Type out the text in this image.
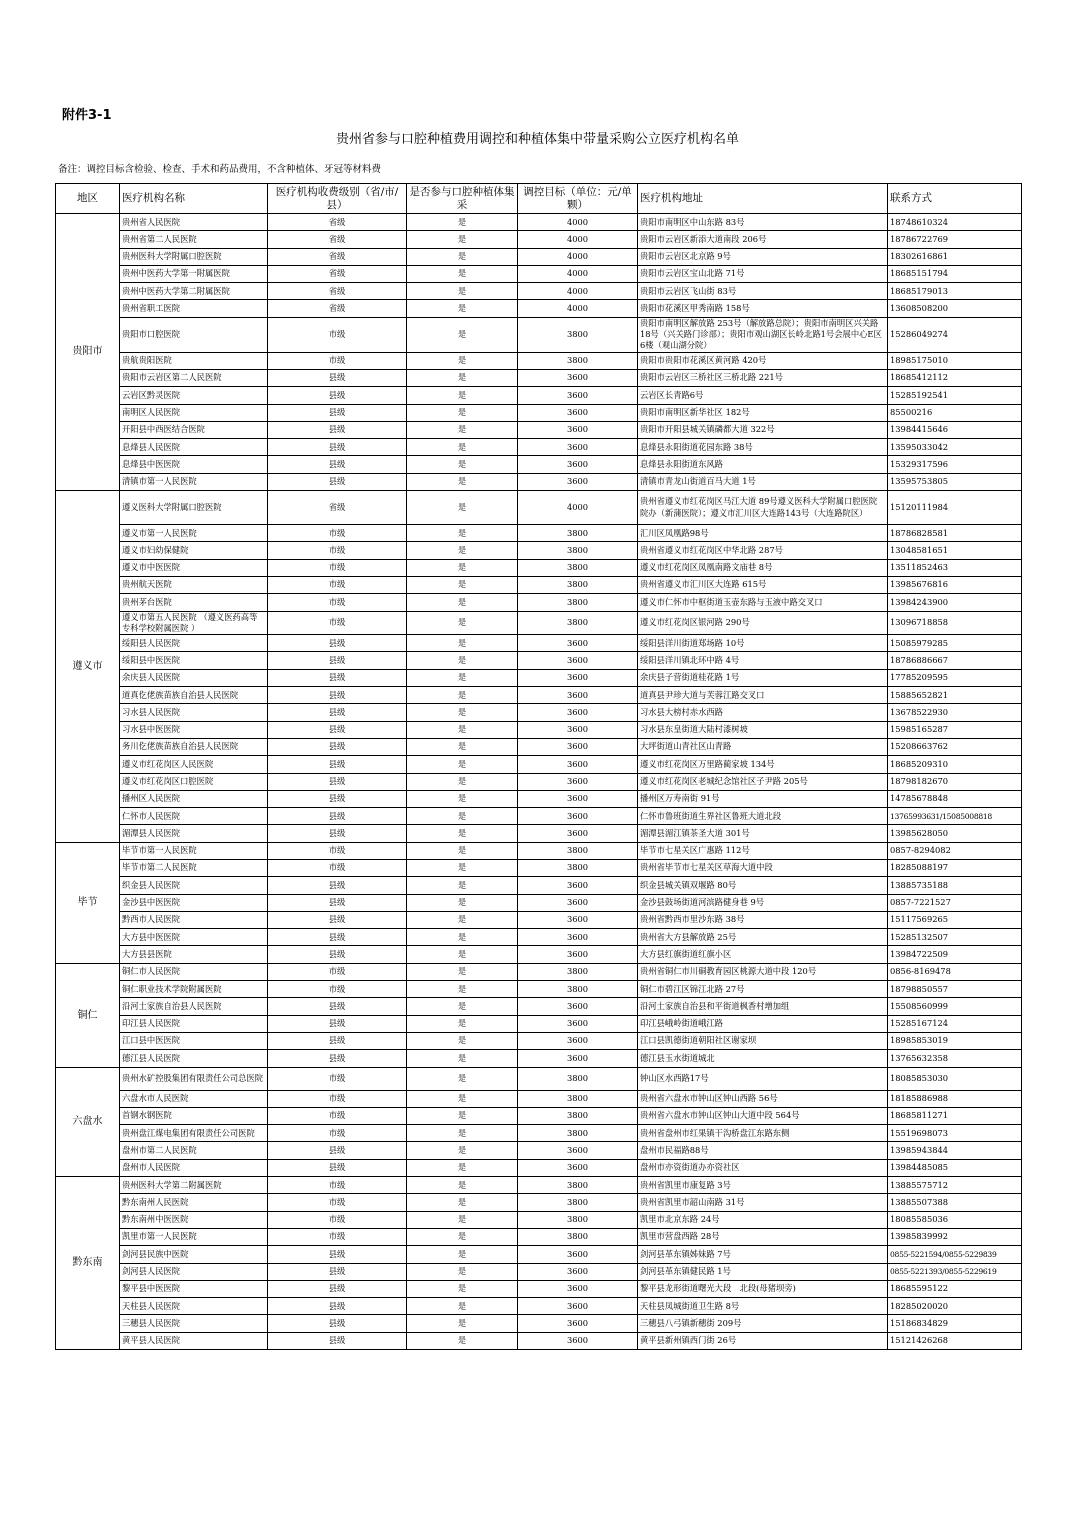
附件3-1
贵州省参与口腔种植费用调控和种植体集中带量采购公立医疗机构名单
备注：调控目标含检验、检查、手术和药品费用，不含种植体、牙冠等材料费
地区	医疗机构名称	医疗机构收费级别（省/市/县）	是否参与口腔种植体集采	调控目标（单位：元/单颗）	医疗机构地址	联系方式
贵阳市	贵州省人民医院	省级	是	4000	贵阳市南明区中山东路 83号	18748610324
	贵州省第二人民医院	省级	是	4000	贵阳市云岩区新添大道南段 206号	18786722769
	贵州医科大学附属口腔医院	省级	是	4000	贵阳市云岩区北京路 9号	18302616861
	贵州中医药大学第一附属医院	省级	是	4000	贵阳市云岩区宝山北路 71号	18685151794
	贵州中医药大学第二附属医院	省级	是	4000	贵阳市云岩区飞山街 83号	18685179013
	贵州省职工医院	省级	是	4000	贵阳市花溪区甲秀南路 158号	13608508200
	贵阳市口腔医院	市级	是	3800	贵阳市南明区解放路 253号（解放路总院）；贵阳市南明区兴关路 18号（兴关路门诊部）；贵阳市观山湖区长岭北路1号会展中心E区6楼（观山湖分院）	15286049274
	贵航贵阳医院	市级	是	3800	贵阳市贵阳市花溪区黄河路 420号	18985175010
	贵阳市云岩区第二人民医院	县级	是	3600	贵阳市云岩区三桥社区三桥北路 221号	18685412112
	云岩区黔灵医院	县级	是	3600	云岩区长青路6号	15285192541
	南明区人民医院	县级	是	3600	贵阳市南明区新华社区 182号	85500216
	开阳县中西医结合医院	县级	是	3600	贵阳市开阳县城关镇磷都大道 322号	13984415646
	息烽县人民医院	县级	是	3600	息烽县永阳街道花园东路 38号	13595033042
	息烽县中医医院	县级	是	3600	息烽县永阳街道东风路	15329317596
	清镇市第一人民医院	县级	是	3600	清镇市青龙山街道百马大道 1号	13595753805
遵义市	遵义医科大学附属口腔医院	省级	是	4000	贵州省遵义市红花岗区马江大道 89号遵义医科大学附属口腔医院院办（新蒲医院）；遵义市汇川区大连路143号（大连路院区）	15120111984
	遵义市第一人民医院	市级	是	3800	汇川区凤凰路98号	18786828581
	遵义市妇幼保健院	市级	是	3800	贵州省遵义市红花岗区中华北路 287号	13048581651
	遵义市中医医院	市级	是	3800	遵义市红花岗区凤凰南路文庙巷 8号	13511852463
	贵州航天医院	市级	是	3800	贵州省遵义市汇川区大连路 615号	13985676816
	贵州茅台医院	市级	是	3800	遵义市仁怀市中枢街道玉壶东路与玉液中路交叉口	13984243900
	遵义市第五人民医院 （遵义医药高等专科学校附属医院 ）	市级	是	3800	遵义市红花岗区银河路 290号	13096718858
	绥阳县人民医院	县级	是	3600	绥阳县洋川街道郑场路 10号	15085979285
	绥阳县中医医院	县级	是	3600	绥阳县洋川镇北环中路 4号	18786886667
	余庆县人民医院	县级	是	3600	余庆县子营街道桂花路 1号	17785209595
	道真仡佬族苗族自治县人民医院	县级	是	3600	道真县尹珍大道与芙蓉江路交叉口	15885652821
	习水县人民医院	县级	是	3600	习水县大榜村赤水西路	13678522930
	习水县中医医院	县级	是	3600	习水县东皇街道大陆村漆树坡	15985165287
	务川仡佬族苗族自治县人民医院	县级	是	3600	大坪街道山青社区山青路	15208663762
	遵义市红花岗区人民医院	县级	是	3600	遵义市红花岗区万里路蔺家坡 134号	18685209310
	遵义市红花岗区口腔医院	县级	是	3600	遵义市红花岗区老城纪念馆社区子尹路 205号	18798182670
	播州区人民医院	县级	是	3600	播州区万寿南街 91号	14785678848
	仁怀市人民医院	县级	是	3600	仁怀市鲁班街道生界社区鲁班大道北段	13765993631/15085008818
	湄潭县人民医院	县级	是	3600	湄潭县湄江镇茶圣大道 301号	13985628050
毕节	毕节市第一人民医院	市级	是	3800	毕节市七星关区广惠路 112号	0857-8294082
	毕节市第二人民医院	市级	是	3800	贵州省毕节市七星关区草海大道中段	18285088197
	织金县人民医院	县级	是	3600	织金县城关镇双堰路 80号	13885735188
	金沙县中医医院	县级	是	3600	金沙县鼓场街道河滨路健身巷 9号	0857-7221527
	黔西市人民医院	县级	是	3600	贵州省黔西市里沙东路 38号	15117569265
	大方县中医医院	县级	是	3600	贵州省大方县解放路 25号	15285132507
	大方县县医院	县级	是	3600	大方县红旗街道红旗小区	13984722509
铜仁	铜仁市人民医院	市级	是	3800	贵州省铜仁市川硐教育园区桃源大道中段 120号	0856-8169478
	铜仁职业技术学院附属医院	市级	是	3800	铜仁市碧江区锦江北路 27号	18798850557
	沿河土家族自治县人民医院	县级	是	3600	沿河土家族自治县和平街道枫香村增加组	15508560999
	印江县人民医院	县级	是	3600	印江县峨岭街道峨江路	15285167124
	江口县中医医院	县级	是	3600	江口县凯德街道朝阳社区谢家坝	18985853019
	德江县人民医院	县级	是	3600	德江县玉水街道城北	13765632358
六盘水	贵州水矿控股集团有限责任公司总医院	市级	是	3800	钟山区水西路17号	18085853030
	六盘水市人民医院	市级	是	3800	贵州省六盘水市钟山区钟山西路 56号	18185886988
	首钢水钢医院	市级	是	3800	贵州省六盘水市钟山区钟山大道中段 564号	18685811271
	贵州盘江煤电集团有限责任公司医院	市级	是	3800	贵州省盘州市红果镇干沟桥盘江东路东侧	15519698073
	盘州市第二人民医院	县级	是	3600	盘州市民福路88号	13985943844
	盘州市人民医院	县级	是	3600	盘州市亦资街道办亦资社区	13984485085
黔东南	贵州医科大学第二附属医院	市级	是	3800	贵州省凯里市康复路 3号	13885575712
	黔东南州人民医院	市级	是	3800	贵州省凯里市韶山南路 31号	13885507388
	黔东南州中医医院	市级	是	3800	凯里市北京东路 24号	18085585036
	凯里市第一人民医院	市级	是	3800	凯里市营盘西路 28号	13985839992
	剑河县民族中医院	县级	是	3600	剑河县革东镇姊妹路 7号	0855-5221594/0855-5229839
	剑河县人民医院	县级	是	3600	剑河县革东镇健民路 1号	0855-5221393/0855-5229619
	黎平县中医医院	县级	是	3600	黎平县龙形街道曙光大段　北段(母猪坝旁)	18685595122
	天柱县人民医院	县级	是	3600	天柱县凤城街道卫生路 8号	18285020020
	三穗县人民医院	县级	是	3600	三穗县八弓镇新穗街 209号	15186834829
	黄平县人民医院	县级	是	3600	黄平县新州镇西门街 26号	15121426268
